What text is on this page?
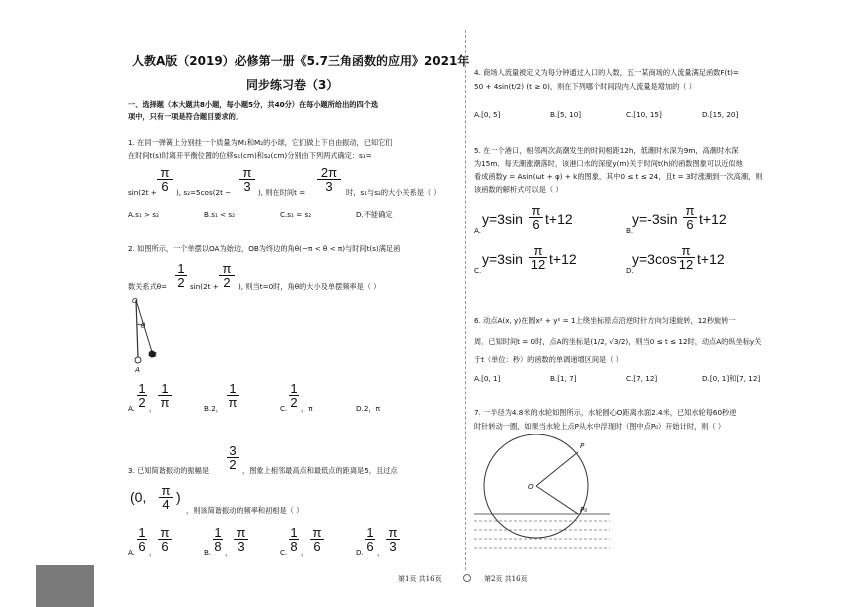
人教A版（2019）必修第一册《5.7三角函数的应用》2021年
同步练习卷（3）
一、选择题（本大题共8小题，每小题5分，共40分）在每小题所给出的四个选
项中，只有一项是符合题目要求的．
1. 在同一弹簧上分别挂一个质量为M₁和M₂的小球，它们做上下自由振动，已知它们
在时间t(s)时离开平衡位置的位移s₁(cm)和s₂(cm)分别由下列两式确定：s₁=
sin(2t +
π
6	), s₂=5cos(2t −
π
3	), 则在时间t =
2π
3	时，s₁与s₂的大小关系是（ ）
A.s₁ > s₂	B.s₁ < s₂	C.s₁ = s₂	D.不能确定
2. 如图所示，一个单摆以OA为始边，OB为终边的角θ(−π < θ < π)与时间t(s)满足函
数关系式θ=
1
2 sin(2t +
π
2	), 则当t=0时，角θ的大小及单摆频率是（ ）
O
θ
A
B
A.
1
2 ，
1
π	B.2，
1
π	C.
1
2 ，π	D.2，π
3. 已知简谐振动的振幅是
3
2 ，图象上相邻最高点和最低点的距离是5，且过点
(0, π
4 )
，则该简谐振动的频率和初相是（ ）
A.
1
6 ，
π
6	B.
1
8 ，
π
3	C.
1
8 ，
π
6	D.
1
6 ，
π
3
4. 商场人流量被定义为每分钟通过入口的人数，五一某商场的人流量满足函数F(t)=
50 + 4sin(t/2) (t ≥ 0)，则在下列哪个时间段内人流量是增加的（ ）
A.[0, 5]	B.[5, 10]	C.[10, 15]	D.[15, 20]
5. 在一个港口，相邻两次高潮发生的时间相距12h，低潮时水深为9m，高潮时水深
为15m．每天潮涨潮落时，该港口水的深度y(m)关于时间t(h)的函数图象可以近似地
看成函数y = Asin(ωt + φ) + k的图象，其中0 ≤ t ≤ 24，且t = 3时涨潮到一次高潮，则
该函数的解析式可以是（ ）
A.
y=3sin
π
6 t+12
B.
y=-3sin
π
6 t+12
C.
y=3sin
π
12 t+12
D.
y=3cos
π
12 t+12
6. 动点A(x, y)在圆x² + y² = 1上绕坐标原点沿逆时针方向匀速旋转，12秒旋转一
周．已知时间t = 0时，点A的坐标是(1/2, √3/2)，则当0 ≤ t ≤ 12时，动点A的纵坐标y关
于t（单位：秒）的函数的单调递增区间是（ ）
A.[0, 1]	B.[1, 7]	C.[7, 12]	D.[0, 1]和[7, 12]
7. 一半径为4.8米的水轮如图所示，水轮圆心O距离水面2.4米，已知水轮每60秒逆
时针转动一圈，如果当水轮上点P从水中浮现时（图中点P₀）开始计时，则（ ）
O
P
P₀
第1页 共16页	第2页 共16页
